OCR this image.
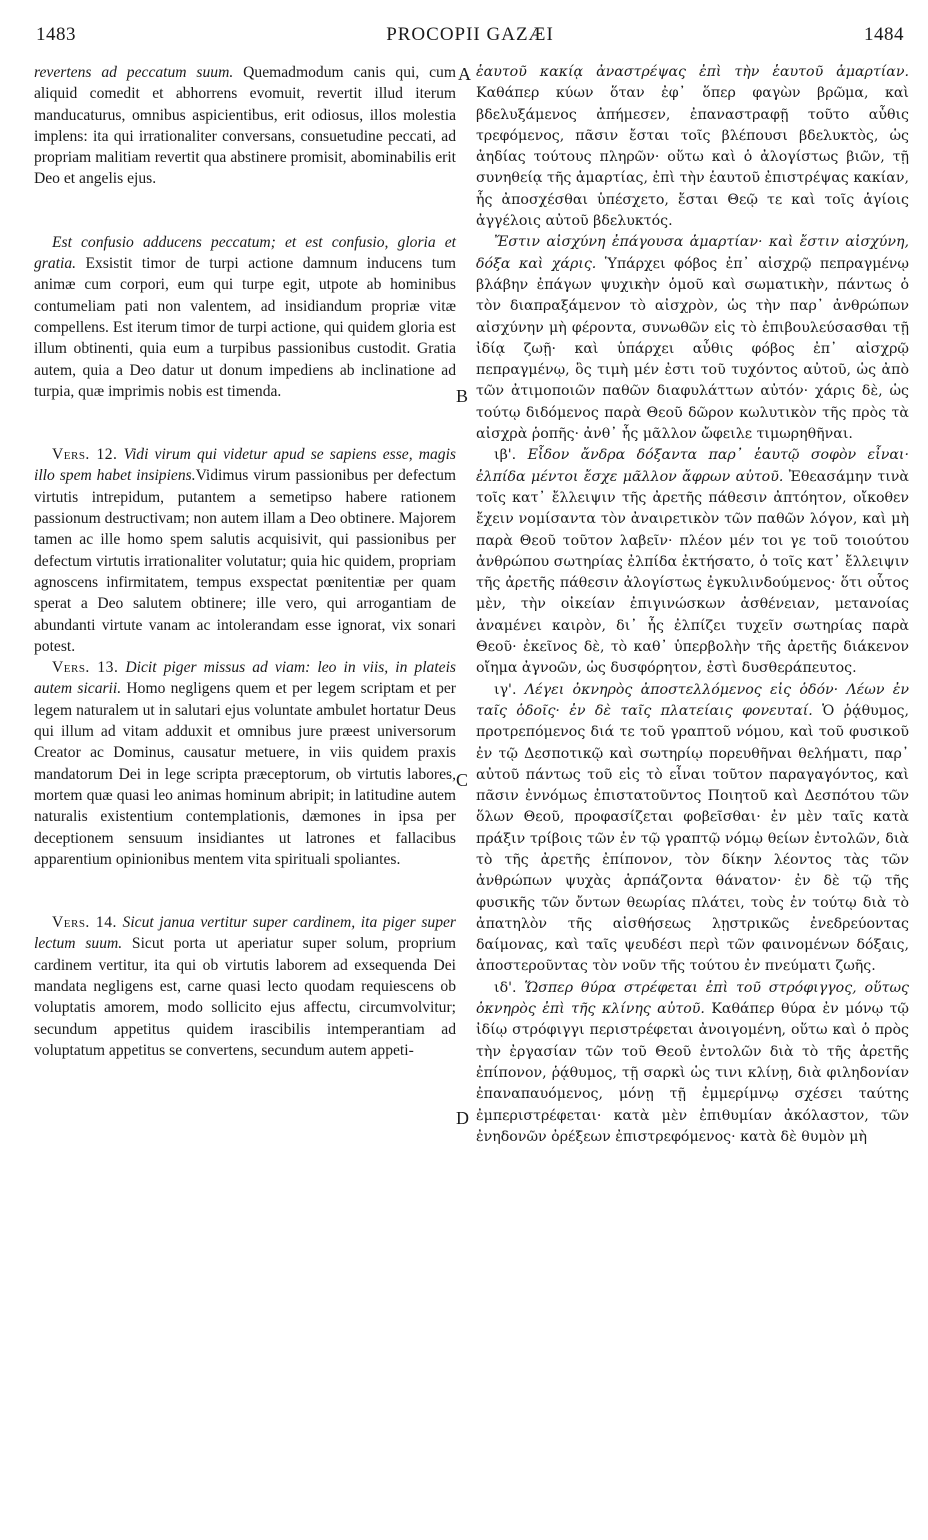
1483	PROCOPII GAZÆI	1484

revertens ad peccatum suum. Quemadmodum canis qui, cum aliquid comedit et abhorrens evomuit, revertit illud iterum manducaturus, omnibus aspicientibus, erit odiosus, illos molestia implens: ita qui irrationaliter conversans, consuetudine peccati, ad propriam malitiam revertit qua abstinere promisit, abominabilis erit Deo et angelis ejus.

Est confusio adducens peccatum; et est confusio, gloria et gratia. Exsistit timor de turpi actione damnum inducens tum animæ cum corpori, eum qui turpe egit, utpote ab hominibus contumeliam pati non valentem, ad insidiandum propriæ vitæ compellens. Est iterum timor de turpi actione, qui quidem gloria est illum obtinenti, quia eum a turpibus passionibus custodit. Gratia autem, quia a Deo datur ut donum impediens ab inclinatione ad turpia, quæ imprimis nobis est timenda.

Vers. 12. Vidi virum qui videtur apud se sapiens esse, magis illo spem habet insipiens.Vidimus virum passionibus per defectum virtutis intrepidum, putantem a semetipso habere rationem passionum destructivam; non autem illam a Deo obtinere. Majorem tamen ac ille homo spem salutis acquisivit, qui passionibus per defectum virtutis irrationaliter volutatur; quia hic quidem, propriam agnoscens infirmitatem, tempus exspectat pœnitentiæ per quam sperat a Deo salutem obtinere; ille vero, qui arrogantiam de abundanti virtute vanam ac intolerandam esse ignorat, vix sonari potest.

Vers. 13. Dicit piger missus ad viam: leo in viis, in plateis autem sicarii. Homo negligens quem et per legem scriptam et per legem naturalem ut in salutari ejus voluntate ambulet hortatur Deus qui illum ad vitam adduxit et omnibus jure præest universorum Creator ac Dominus, causatur metuere, in viis quidem praxis mandatorum Dei in lege scripta præceptorum, ob virtutis labores, mortem quæ quasi leo animas hominum abripit; in latitudine autem naturalis existentium contemplationis, dæmones in ipsa per deceptionem sensuum insidiantes ut latrones et fallacibus apparentium opinionibus mentem vita spirituali spoliantes.

Vers. 14. Sicut janua vertitur super cardinem, ita piger super lectum suum. Sicut porta ut aperiatur super solum, proprium cardinem vertitur, ita qui ob virtutis laborem ad exsequenda Dei mandata negligens est, carne quasi lecto quodam requiescens ob voluptatis amorem, modo sollicito ejus affectu, circumvolvitur; secundum appetitus quidem irascibilis intemperantiam ad voluptatum appetitus se convertens, secundum autem appeti-

A
B
C
D

ἑαυτοῦ κακίᾳ ἀναστρέψας ἐπὶ τὴν ἑαυτοῦ ἁμαρτίαν. Καθάπερ κύων ὅταν ἐφ᾽ ὅπερ φαγὼν βρῶμα, καὶ βδελυξάμενος ἀπήμεσεν, ἐπαναστραφῇ τοῦτο αὖθις τρεφόμενος, πᾶσιν ἔσται τοῖς βλέπουσι βδελυκτὸς, ὡς ἀηδίας τούτους πληρῶν· οὕτω καὶ ὁ ἀλογίστως βιῶν, τῇ συνηθείᾳ τῆς ἁμαρτίας, ἐπὶ τὴν ἑαυτοῦ ἐπιστρέψας κακίαν, ἧς ἀποσχέσθαι ὑπέσχετο, ἔσται Θεῷ τε καὶ τοῖς ἁγίοις ἀγγέλοις αὐτοῦ βδελυκτός.

Ἔστιν αἰσχύνη ἐπάγουσα ἁμαρτίαν· καὶ ἔστιν αἰσχύνη, δόξα καὶ χάρις. Ὑπάρχει φόβος ἐπ᾽ αἰσχρῷ πεπραγμένῳ βλάβην ἐπάγων ψυχικὴν ὁμοῦ καὶ σωματικὴν, πάντως ὁ τὸν διαπραξάμενον τὸ αἰσχρὸν, ὡς τὴν παρ᾽ ἀνθρώπων αἰσχύνην μὴ φέροντα, συνωθῶν εἰς τὸ ἐπιβουλεύσασθαι τῇ ἰδίᾳ ζωῇ· καὶ ὑπάρχει αὖθις φόβος ἐπ᾽ αἰσχρῷ πεπραγμένῳ, ὃς τιμὴ μέν ἐστι τοῦ τυχόντος αὐτοῦ, ὡς ἀπὸ τῶν ἀτιμοποιῶν παθῶν διαφυλάττων αὐτόν· χάρις δὲ, ὡς τούτῳ διδόμενος παρὰ Θεοῦ δῶρον κωλυτικὸν τῆς πρὸς τὰ αἰσχρὰ ῥοπῆς· ἀνθ᾽ ἧς μᾶλλον ὤφειλε τιμωρηθῆναι.

ιβ'. Εἶδον ἄνδρα δόξαντα παρ᾽ ἑαυτῷ σοφὸν εἶναι· ἐλπίδα μέντοι ἔσχε μᾶλλον ἄφρων αὐτοῦ. Ἐθεασάμην τινὰ τοῖς κατ᾽ ἔλλειψιν τῆς ἀρετῆς πάθεσιν ἀπτόητον, οἴκοθεν ἔχειν νομίσαντα τὸν ἀναιρετικὸν τῶν παθῶν λόγον, καὶ μὴ παρὰ Θεοῦ τοῦτον λαβεῖν· πλέον μέν τοι γε τοῦ τοιούτου ἀνθρώπου σωτηρίας ἐλπίδα ἐκτήσατο, ὁ τοῖς κατ᾽ ἔλλειψιν τῆς ἀρετῆς πάθεσιν ἀλογίστως ἐγκυλινδούμενος· ὅτι οὗτος μὲν, τὴν οἰκείαν ἐπιγινώσκων ἀσθένειαν, μετανοίας ἀναμένει καιρὸν, δι᾽ ἧς ἐλπίζει τυχεῖν σωτηρίας παρὰ Θεοῦ· ἐκεῖνος δὲ, τὸ καθ᾽ ὑπερβολὴν τῆς ἀρετῆς διάκενον οἴημα ἀγνοῶν, ὡς δυσφόρητον, ἐστὶ δυσθεράπευτος.

ιγ'. Λέγει ὀκνηρὸς ἀποστελλόμενος εἰς ὁδόν· Λέων ἐν ταῖς ὁδοῖς· ἐν δὲ ταῖς πλατείαις φονευταί. Ὁ ῥᾴθυμος, προτρεπόμενος διά τε τοῦ γραπτοῦ νόμου, καὶ τοῦ φυσικοῦ ἐν τῷ Δεσποτικῷ καὶ σωτηρίῳ πορευθῆναι θελήματι, παρ᾽ αὐτοῦ πάντως τοῦ εἰς τὸ εἶναι τοῦτον παραγαγόντος, καὶ πᾶσιν ἐννόμως ἐπιστατοῦντος Ποιητοῦ καὶ Δεσπότου τῶν ὅλων Θεοῦ, προφασίζεται φοβεῖσθαι· ἐν μὲν ταῖς κατὰ πράξιν τρίβοις τῶν ἐν τῷ γραπτῷ νόμῳ θείων ἐντολῶν, διὰ τὸ τῆς ἀρετῆς ἐπίπονον, τὸν δίκην λέοντος τὰς τῶν ἀνθρώπων ψυχὰς ἁρπάζοντα θάνατον· ἐν δὲ τῷ τῆς φυσικῆς τῶν ὄντων θεωρίας πλάτει, τοὺς ἐν τούτῳ διὰ τὸ ἀπατηλὸν τῆς αἰσθήσεως λῃστρικῶς ἐνεδρεύοντας δαίμονας, καὶ ταῖς ψευδέσι περὶ τῶν φαινομένων δόξαις, ἀποστεροῦντας τὸν νοῦν τῆς τούτου ἐν πνεύματι ζωῆς.

ιδ'. Ὥσπερ θύρα στρέφεται ἐπὶ τοῦ στρόφιγγος, οὕτως ὀκνηρὸς ἐπὶ τῆς κλίνης αὐτοῦ. Καθάπερ θύρα ἐν μόνῳ τῷ ἰδίῳ στρόφιγγι περιστρέφεται ἀνοιγομένη, οὕτω καὶ ὁ πρὸς τὴν ἐργασίαν τῶν τοῦ Θεοῦ ἐντολῶν διὰ τὸ τῆς ἀρετῆς ἐπίπονον, ῥᾴθυμος, τῇ σαρκὶ ὡς τινι κλίνῃ, διὰ φιληδονίαν ἐπαναπαυόμενος, μόνῃ τῇ ἐμμερίμνῳ σχέσει ταύτης ἐμπεριστρέφεται· κατὰ μὲν ἐπιθυμίαν ἀκόλαστον, τῶν ἐνηδονῶν ὀρέξεων ἐπιστρεφόμενος· κατὰ δὲ θυμὸν μὴ
